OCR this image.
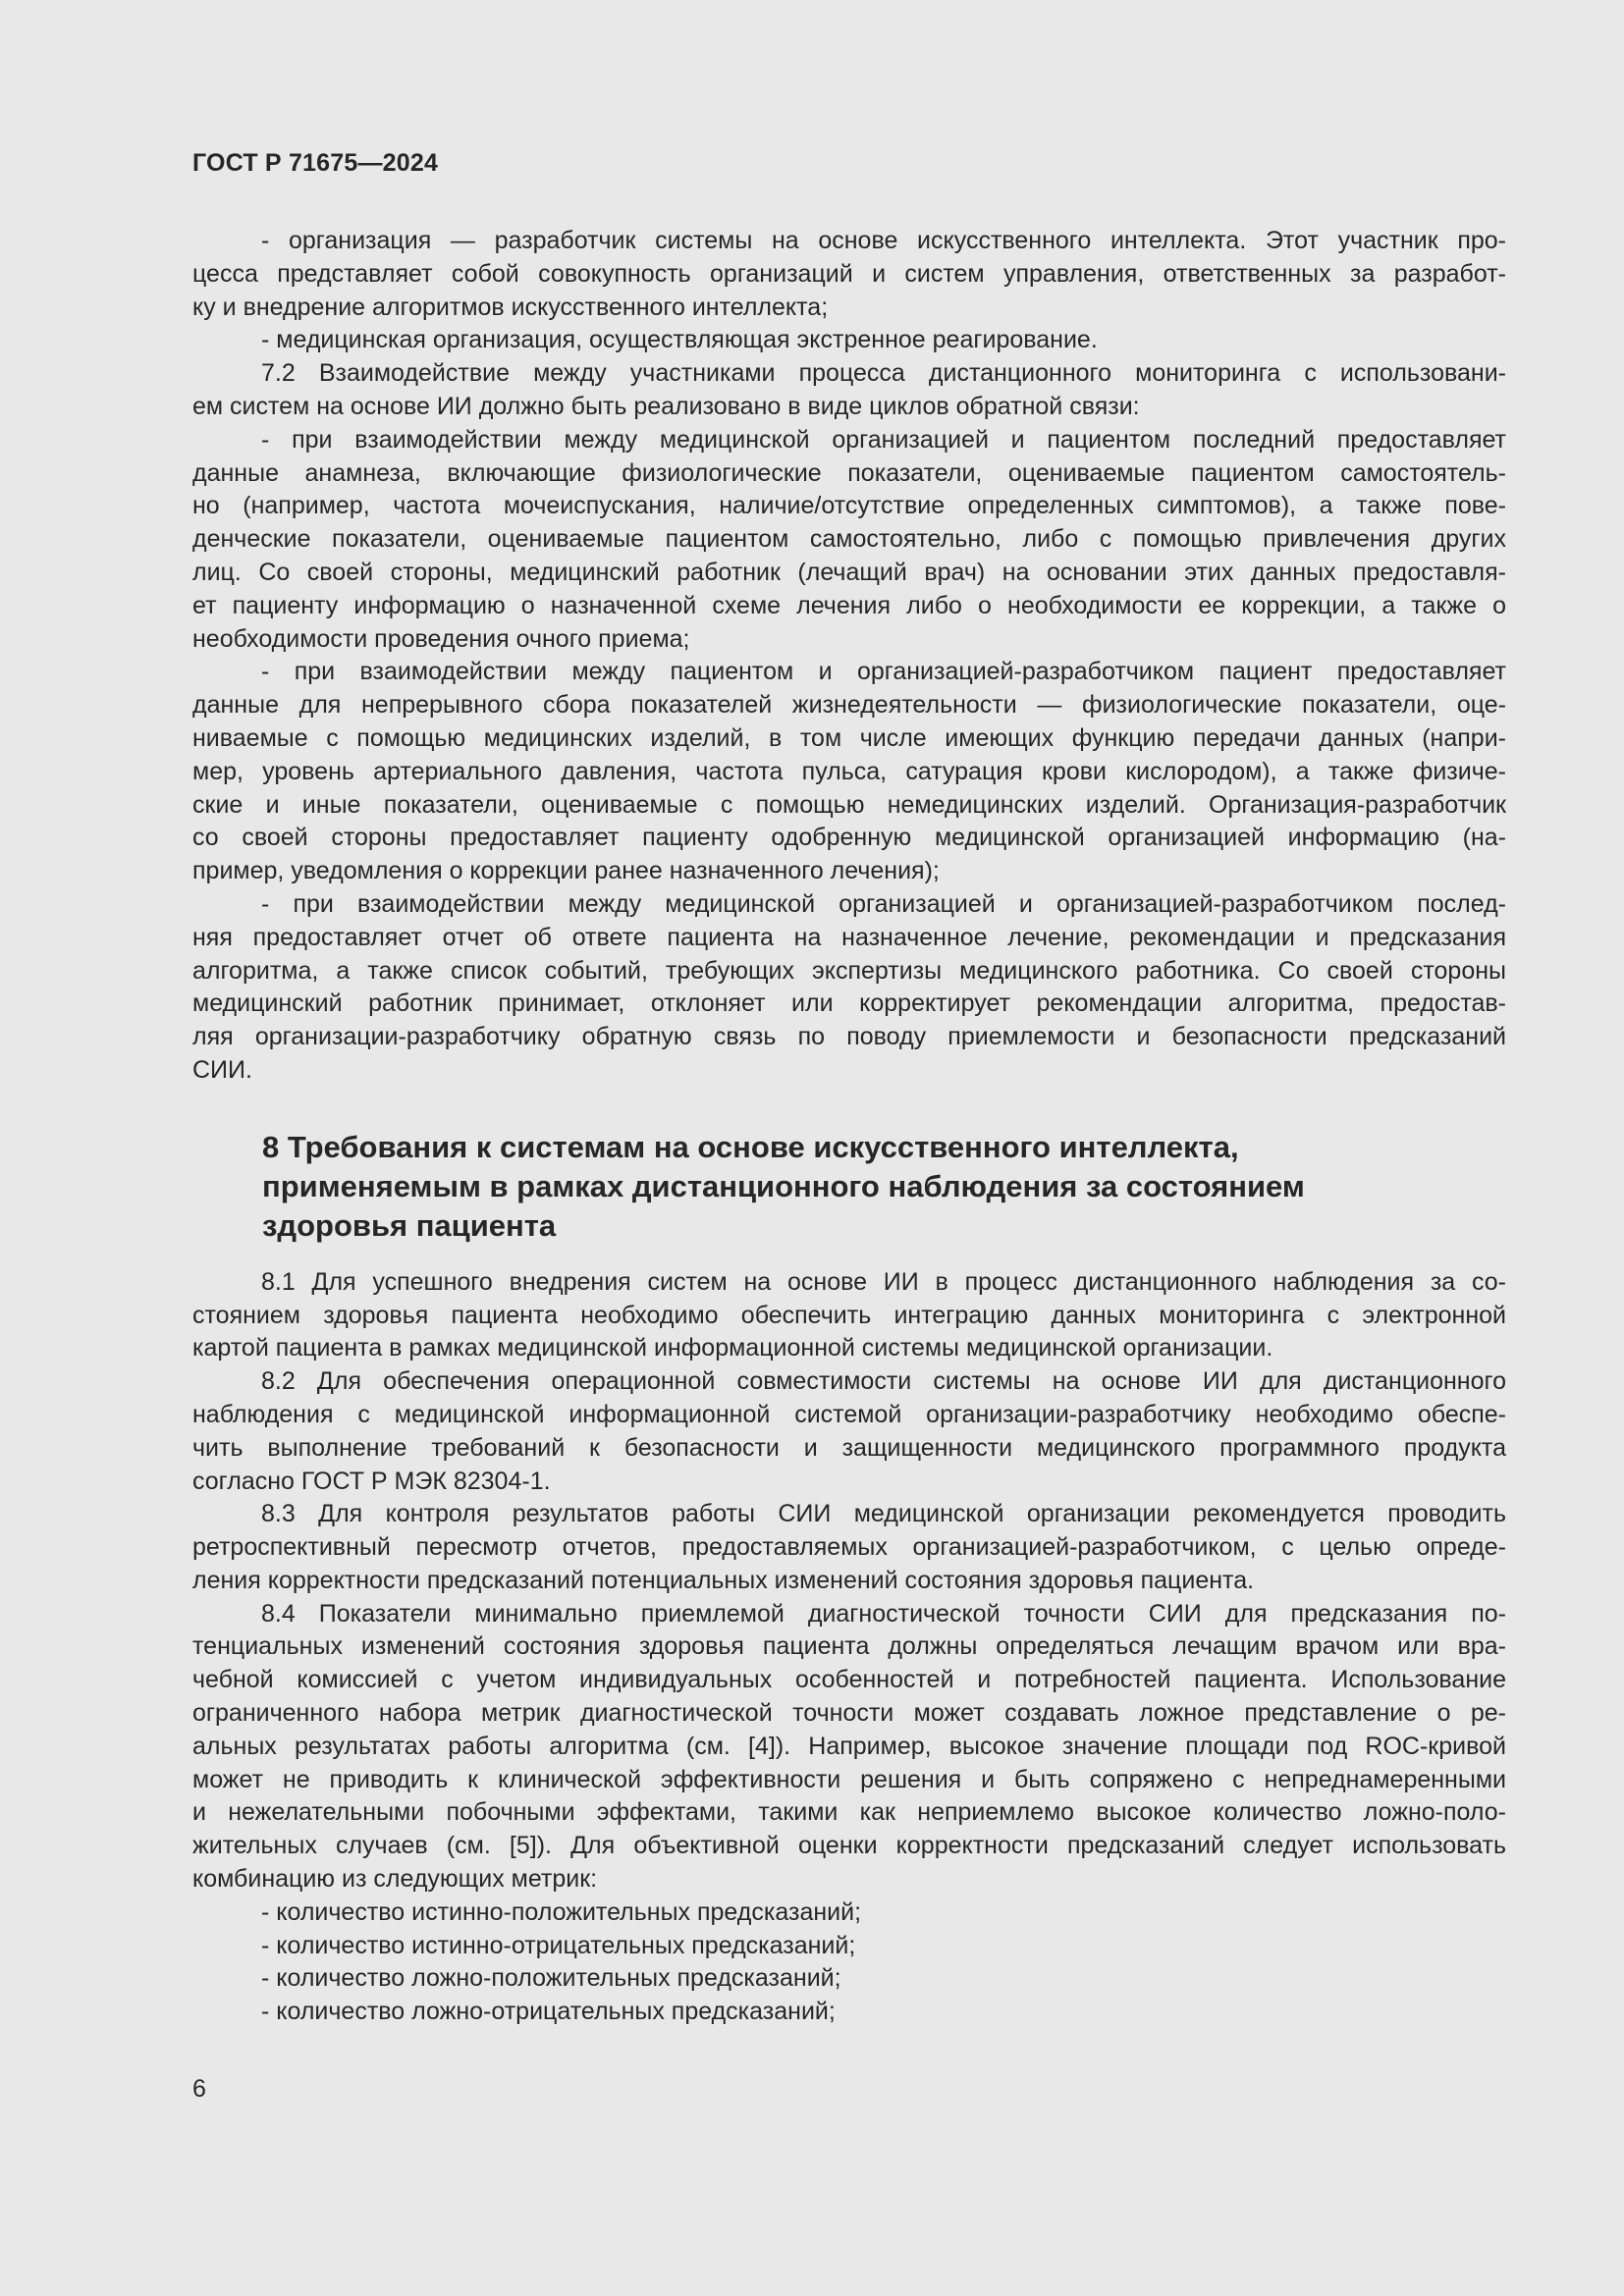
ГОСТ Р 71675—2024
- организация — разработчик системы на основе искусственного интеллекта. Этот участник про-
цесса представляет собой совокупность организаций и систем управления, ответственных за разработ-
ку и внедрение алгоритмов искусственного интеллекта;
- медицинская организация, осуществляющая экстренное реагирование.
7.2 Взаимодействие между участниками процесса дистанционного мониторинга с использовани-
ем систем на основе ИИ должно быть реализовано в виде циклов обратной связи:
- при взаимодействии между медицинской организацией и пациентом последний предоставляет
данные анамнеза, включающие физиологические показатели, оцениваемые пациентом самостоятель-
но (например, частота мочеиспускания, наличие/отсутствие определенных симптомов), а также пове-
денческие показатели, оцениваемые пациентом самостоятельно, либо с помощью привлечения других
лиц. Со своей стороны, медицинский работник (лечащий врач) на основании этих данных предоставля-
ет пациенту информацию о назначенной схеме лечения либо о необходимости ее коррекции, а также о
необходимости проведения очного приема;
- при взаимодействии между пациентом и организацией-разработчиком пациент предоставляет
данные для непрерывного сбора показателей жизнедеятельности — физиологические показатели, оце-
ниваемые с помощью медицинских изделий, в том числе имеющих функцию передачи данных (напри-
мер, уровень артериального давления, частота пульса, сатурация крови кислородом), а также физиче-
ские и иные показатели, оцениваемые с помощью немедицинских изделий. Организация-разработчик
со своей стороны предоставляет пациенту одобренную медицинской организацией информацию (на-
пример, уведомления о коррекции ранее назначенного лечения);
- при взаимодействии между медицинской организацией и организацией-разработчиком послед-
няя предоставляет отчет об ответе пациента на назначенное лечение, рекомендации и предсказания
алгоритма, а также список событий, требующих экспертизы медицинского работника. Со своей стороны
медицинский работник принимает, отклоняет или корректирует рекомендации алгоритма, предостав-
ляя организации-разработчику обратную связь по поводу приемлемости и безопасности предсказаний
СИИ.
8 Требования к системам на основе искусственного интеллекта,
применяемым в рамках дистанционного наблюдения за состоянием
здоровья пациента
8.1 Для успешного внедрения систем на основе ИИ в процесс дистанционного наблюдения за со-
стоянием здоровья пациента необходимо обеспечить интеграцию данных мониторинга с электронной
картой пациента в рамках медицинской информационной системы медицинской организации.
8.2 Для обеспечения операционной совместимости системы на основе ИИ для дистанционного
наблюдения с медицинской информационной системой организации-разработчику необходимо обеспе-
чить выполнение требований к безопасности и защищенности медицинского программного продукта
согласно ГОСТ Р МЭК 82304-1.
8.3 Для контроля результатов работы СИИ медицинской организации рекомендуется проводить
ретроспективный пересмотр отчетов, предоставляемых организацией-разработчиком, с целью опреде-
ления корректности предсказаний потенциальных изменений состояния здоровья пациента.
8.4 Показатели минимально приемлемой диагностической точности СИИ для предсказания по-
тенциальных изменений состояния здоровья пациента должны определяться лечащим врачом или вра-
чебной комиссией с учетом индивидуальных особенностей и потребностей пациента. Использование
ограниченного набора метрик диагностической точности может создавать ложное представление о ре-
альных результатах работы алгоритма (см. [4]). Например, высокое значение площади под ROC-кривой
может не приводить к клинической эффективности решения и быть сопряжено с непреднамеренными
и нежелательными побочными эффектами, такими как неприемлемо высокое количество ложно-поло-
жительных случаев (см. [5]). Для объективной оценки корректности предсказаний следует использовать
комбинацию из следующих метрик:
- количество истинно-положительных предсказаний;
- количество истинно-отрицательных предсказаний;
- количество ложно-положительных предсказаний;
- количество ложно-отрицательных предсказаний;
6
